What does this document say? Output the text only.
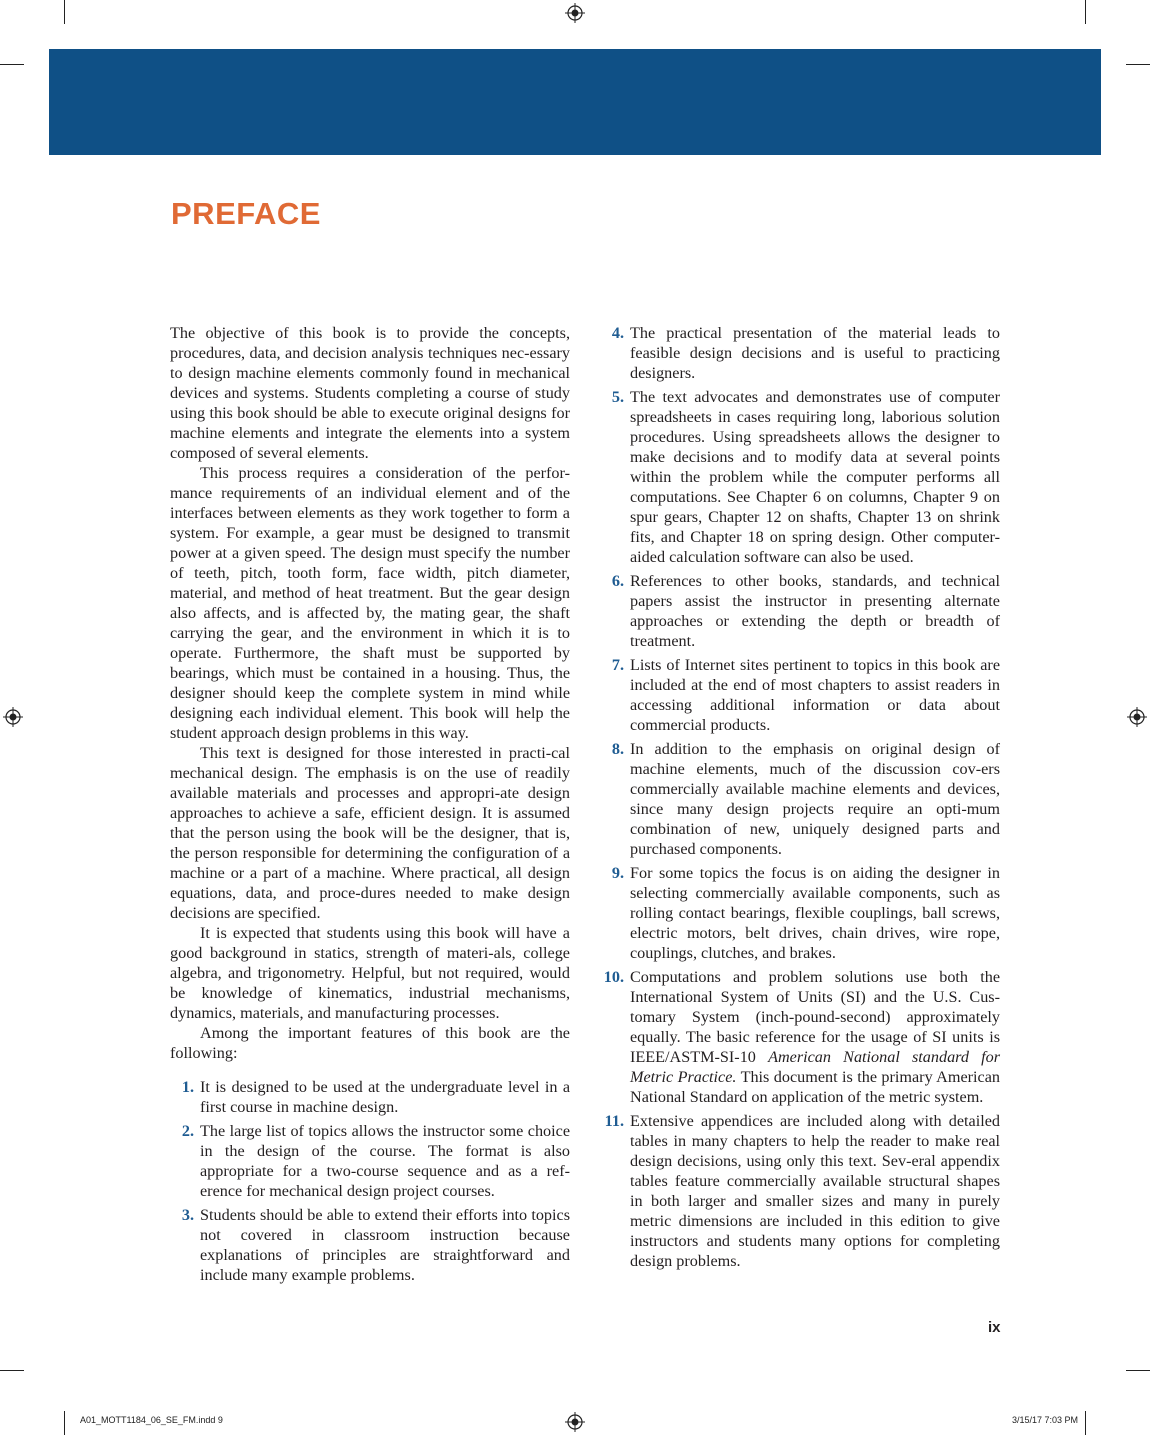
PREFACE

The objective of this book is to provide the concepts, procedures, data, and decision analysis techniques nec-essary to design machine elements commonly found in mechanical devices and systems. Students completing a course of study using this book should be able to execute original designs for machine elements and integrate the elements into a system composed of several elements.

This process requires a consideration of the perfor-mance requirements of an individual element and of the interfaces between elements as they work together to form a system. For example, a gear must be designed to transmit power at a given speed. The design must specify the number of teeth, pitch, tooth form, face width, pitch diameter, material, and method of heat treatment. But the gear design also affects, and is affected by, the mating gear, the shaft carrying the gear, and the environment in which it is to operate. Furthermore, the shaft must be supported by bearings, which must be contained in a housing. Thus, the designer should keep the complete system in mind while designing each individual element. This book will help the student approach design problems in this way.

This text is designed for those interested in practi-cal mechanical design. The emphasis is on the use of readily available materials and processes and appropri-ate design approaches to achieve a safe, efficient design. It is assumed that the person using the book will be the designer, that is, the person responsible for determining the configuration of a machine or a part of a machine. Where practical, all design equations, data, and proce-dures needed to make design decisions are specified.

It is expected that students using this book will have a good background in statics, strength of materi-als, college algebra, and trigonometry. Helpful, but not required, would be knowledge of kinematics, industrial mechanisms, dynamics, materials, and manufacturing processes.

Among the important features of this book are the following:

1. It is designed to be used at the undergraduate level in a first course in machine design.
2. The large list of topics allows the instructor some choice in the design of the course. The format is also appropriate for a two-course sequence and as a ref-erence for mechanical design project courses.
3. Students should be able to extend their efforts into topics not covered in classroom instruction because explanations of principles are straightforward and include many example problems.
4. The practical presentation of the material leads to feasible design decisions and is useful to practicing designers.
5. The text advocates and demonstrates use of computer spreadsheets in cases requiring long, laborious solution procedures. Using spreadsheets allows the designer to make decisions and to modify data at several points within the problem while the computer performs all computations. See Chapter 6 on columns, Chapter 9 on spur gears, Chapter 12 on shafts, Chapter 13 on shrink fits, and Chapter 18 on spring design. Other computer-aided calculation software can also be used.
6. References to other books, standards, and technical papers assist the instructor in presenting alternate approaches or extending the depth or breadth of treatment.
7. Lists of Internet sites pertinent to topics in this book are included at the end of most chapters to assist readers in accessing additional information or data about commercial products.
8. In addition to the emphasis on original design of machine elements, much of the discussion cov-ers commercially available machine elements and devices, since many design projects require an opti-mum combination of new, uniquely designed parts and purchased components.
9. For some topics the focus is on aiding the designer in selecting commercially available components, such as rolling contact bearings, flexible couplings, ball screws, electric motors, belt drives, chain drives, wire rope, couplings, clutches, and brakes.
10. Computations and problem solutions use both the International System of Units (SI) and the U.S. Cus-tomary System (inch-pound-second) approximately equally. The basic reference for the usage of SI units is IEEE/ASTM-SI-10 American National standard for Metric Practice. This document is the primary American National Standard on application of the metric system.
11. Extensive appendices are included along with detailed tables in many chapters to help the reader to make real design decisions, using only this text. Sev-eral appendix tables feature commercially available structural shapes in both larger and smaller sizes and many in purely metric dimensions are included in this edition to give instructors and students many options for completing design problems.
ix
A01_MOTT1184_06_SE_FM.indd 9	3/15/17 7:03 PM
